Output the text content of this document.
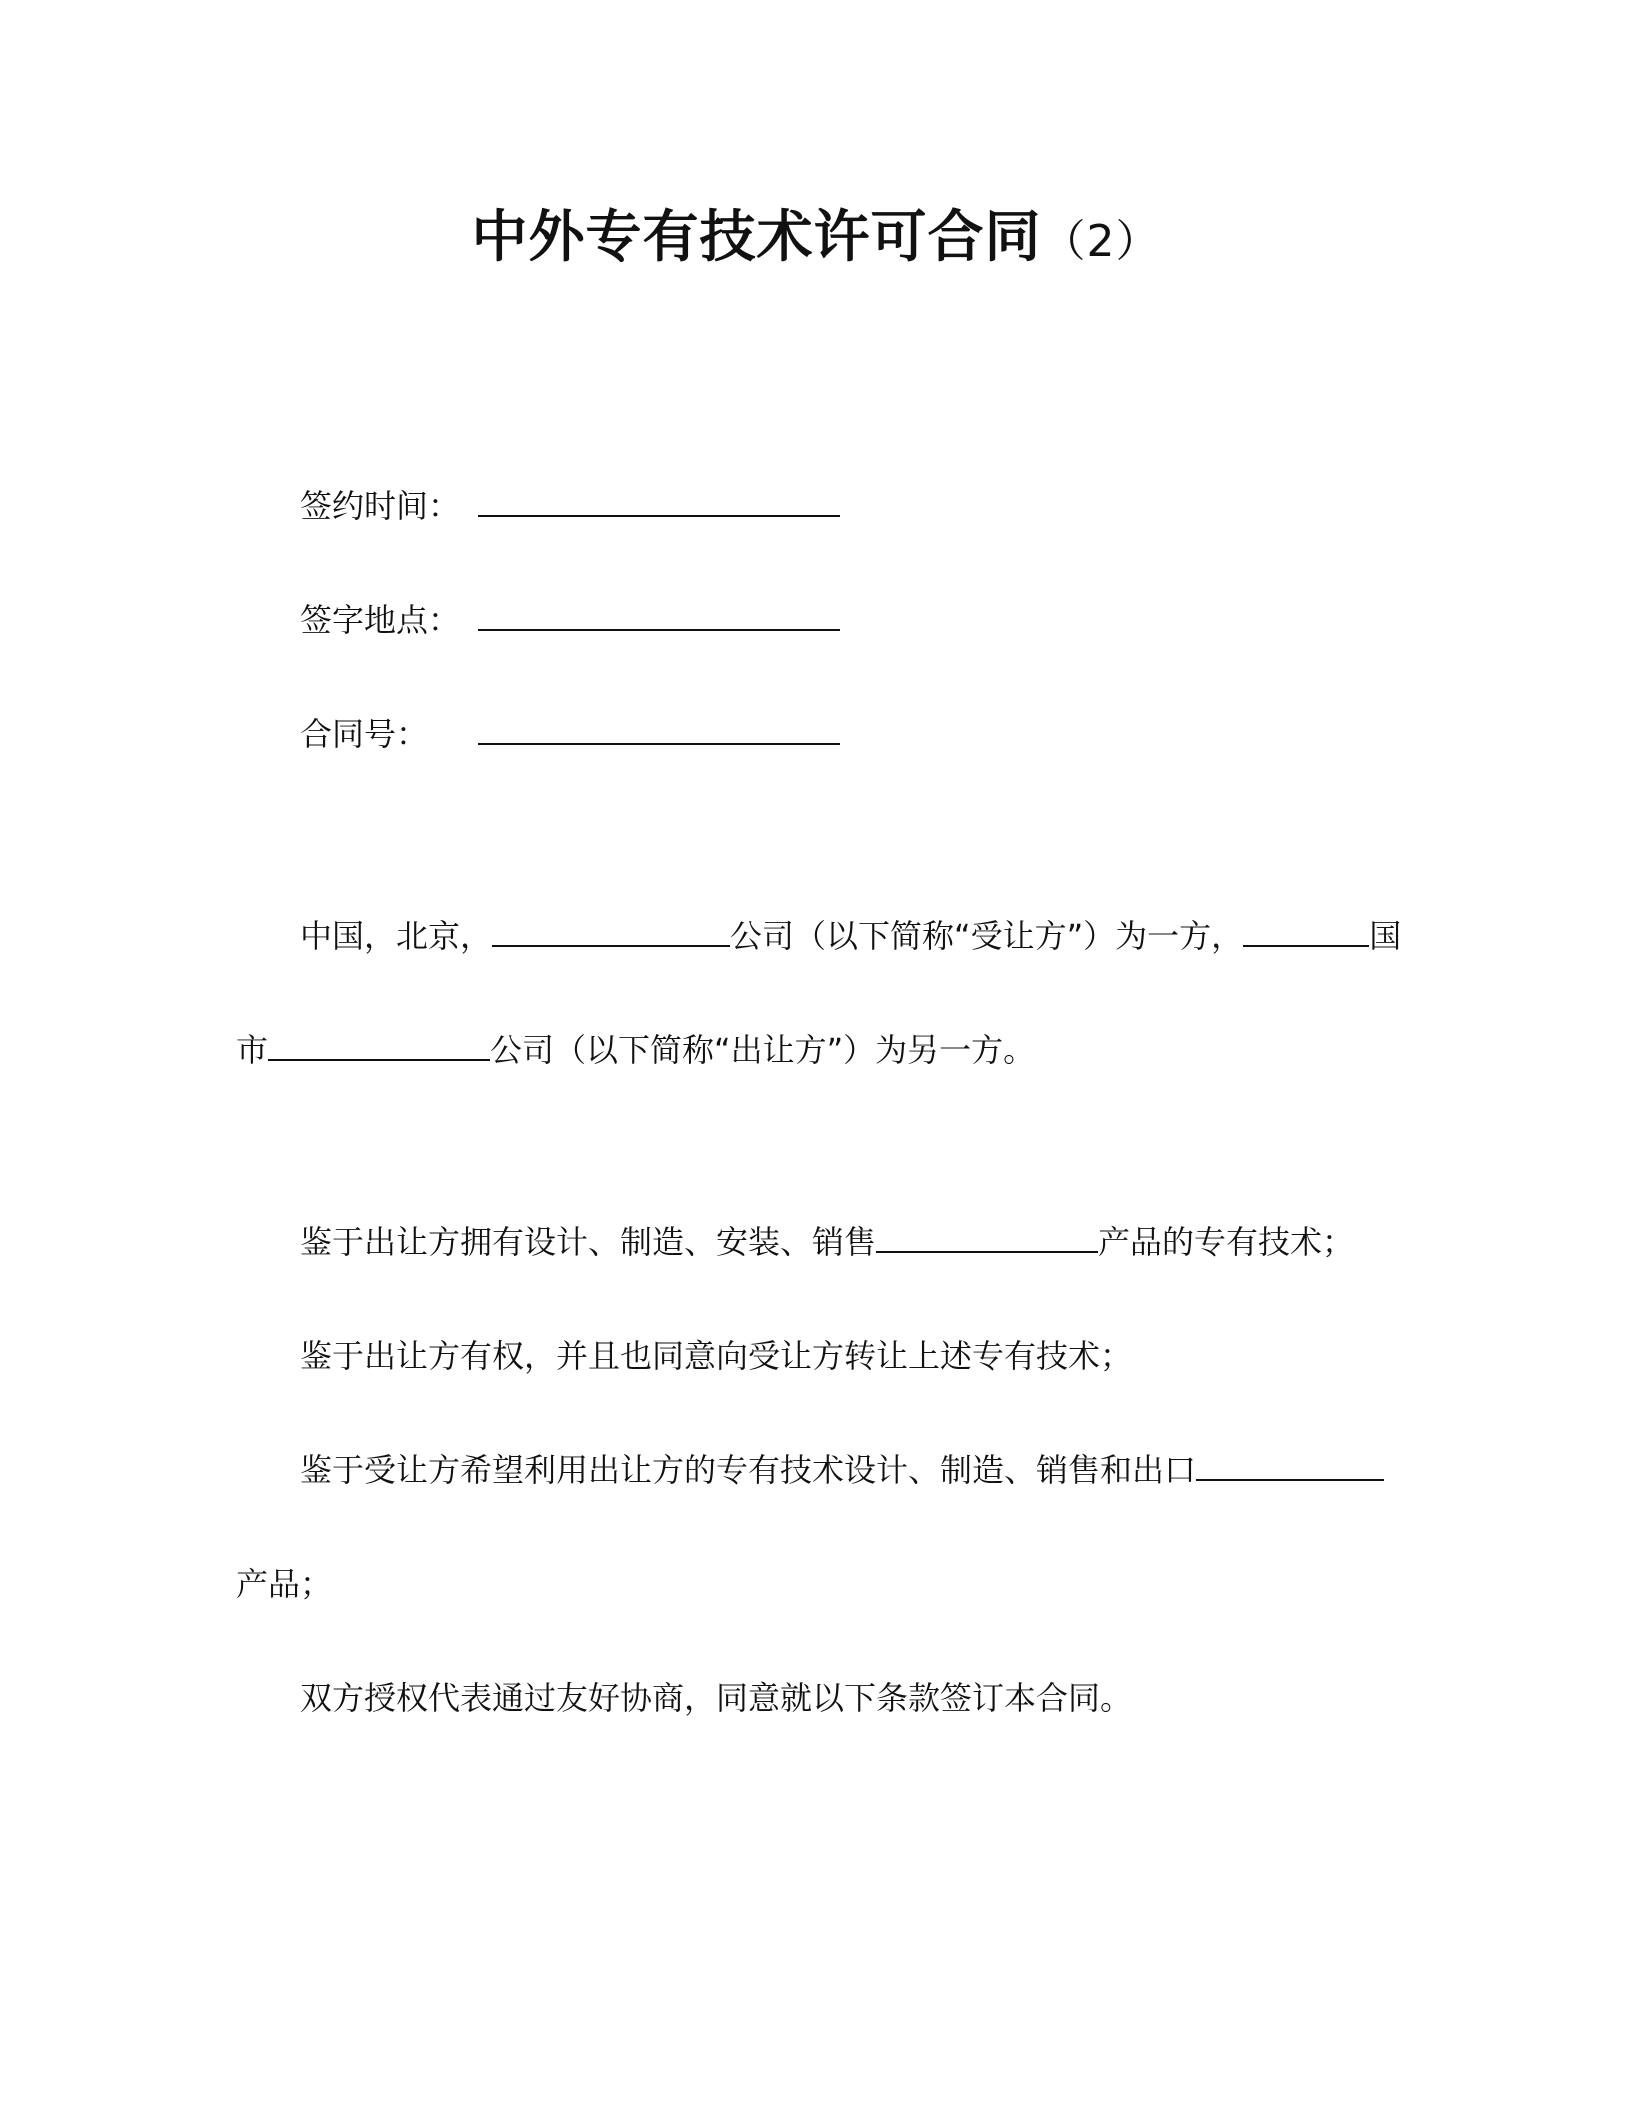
中外专有技术许可合同（2）
签约时间：
签字地点：
合同号：
中国，北京，	公司（以下简称“受让方”）为一方，	国
市	公司（以下简称“出让方”）为另一方。
鉴于出让方拥有设计、制造、安装、销售	产品的专有技术；
鉴于出让方有权，并且也同意向受让方转让上述专有技术；
鉴于受让方希望利用出让方的专有技术设计、制造、销售和出口
产品；
双方授权代表通过友好协商，同意就以下条款签订本合同。
